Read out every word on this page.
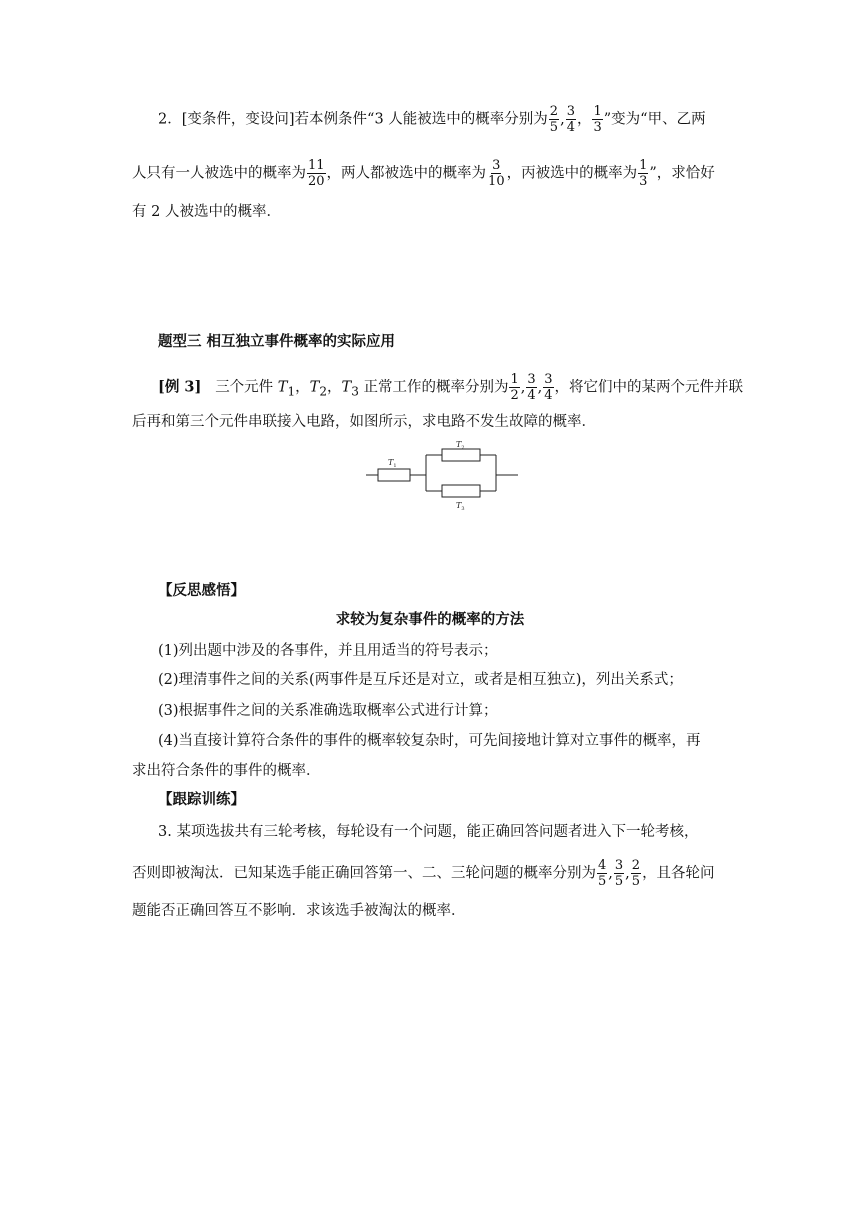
2．[变条件，变设问]若本例条件“3 人能被选中的概率分别为 $\frac{2}{5}$ , $\frac{3}{4}$ ， $\frac{1}{3}$ ”变为“甲、乙两
人只有一人被选中的概率为 $\frac{11}{20}$ ，两人都被选中的概率为 $\frac{3}{10}$ ，丙被选中的概率为 $\frac{1}{3}$ ”，求恰好
有 2 人被选中的概率．
题型三 相互独立事件概率的实际应用
[例 3] 三个元件 $T_1$，$T_2$，$T_3$ 正常工作的概率分别为 $\frac{1}{2}$ , $\frac{3}{4}$ , $\frac{3}{4}$ ，将它们中的某两个元件并联
后再和第三个元件串联接入电路，如图所示，求电路不发生故障的概率．
$T_1$
$T_2$
$T_3$
【反思感悟】
求较为复杂事件的概率的方法
(1)列出题中涉及的各事件，并且用适当的符号表示；
(2)理清事件之间的关系(两事件是互斥还是对立，或者是相互独立)，列出关系式；
(3)根据事件之间的关系准确选取概率公式进行计算；
(4)当直接计算符合条件的事件的概率较复杂时，可先间接地计算对立事件的概率，再
求出符合条件的事件的概率．
【跟踪训练】
3. 某项选拔共有三轮考核，每轮设有一个问题，能正确回答问题者进入下一轮考核，
否则即被淘汰．已知某选手能正确回答第一、二、三轮问题的概率分别为 $\frac{4}{5}$ , $\frac{3}{5}$ , $\frac{2}{5}$ ，且各轮问
题能否正确回答互不影响．求该选手被淘汰的概率．
